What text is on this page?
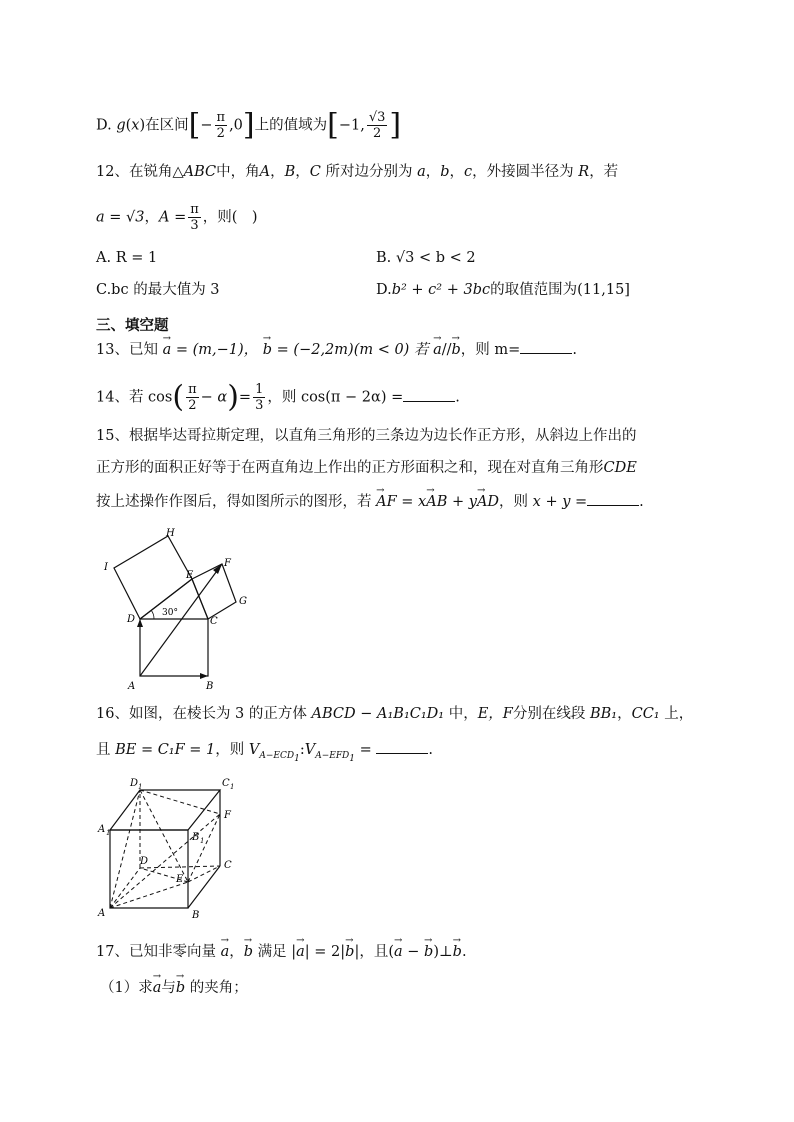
D. g(x)在区间[− $\frac{\pi}{2} ,0$]上的值域为[−1, $\frac{√3}{2}$ ]
12、在锐角△ABC中，角A，B，C 所对边分别为 a，b，c，外接圆半径为 R，若
a = √3，$A = \frac{\pi}{3}$ ，则(　)
A. R = 1	B. √3 < b < 2
C.bc 的最大值为 3	D.b² + c² + 3bc的取值范围为(11,15]
三、填空题
13、已知 → a = (m,−1)， → b = (−2,2m)(m < 0) 若 → a//→ b，则 m=	.
14、若 $\cos( \frac{\pi}{2} - \alpha)= \frac{1}{3}$ ，则 cos(π − 2α) =	.
15、根据毕达哥拉斯定理，以直角三角形的三条边为边长作正方形，从斜边上作出的
正方形的面积正好等于在两直角边上作出的正方形面积之和，现在对直角三角形CDE
按上述操作作图后，得如图所示的图形，若 → AF = x→ AB + y→ AD，则 x + y =	.
H
I
E
F
G
D	C
A	B
30°
16、如图，在棱长为 3 的正方体 ABCD − A₁B₁C₁D₁ 中，E，F分别在线段 BB₁，CC₁ 上，
且 BE = C₁F = 1，则 $V_{A-ECD_1}:V_{A-EFD_1}$ =	.
D	C
A
B
F
D	C
E
A	B
1	1
1
1
17、已知非零向量 → a，→ b 满足 |→ a| = 2|→ b|，且(→ a − → b)⊥→ b.
（1）求→ a与→ b 的夹角；
